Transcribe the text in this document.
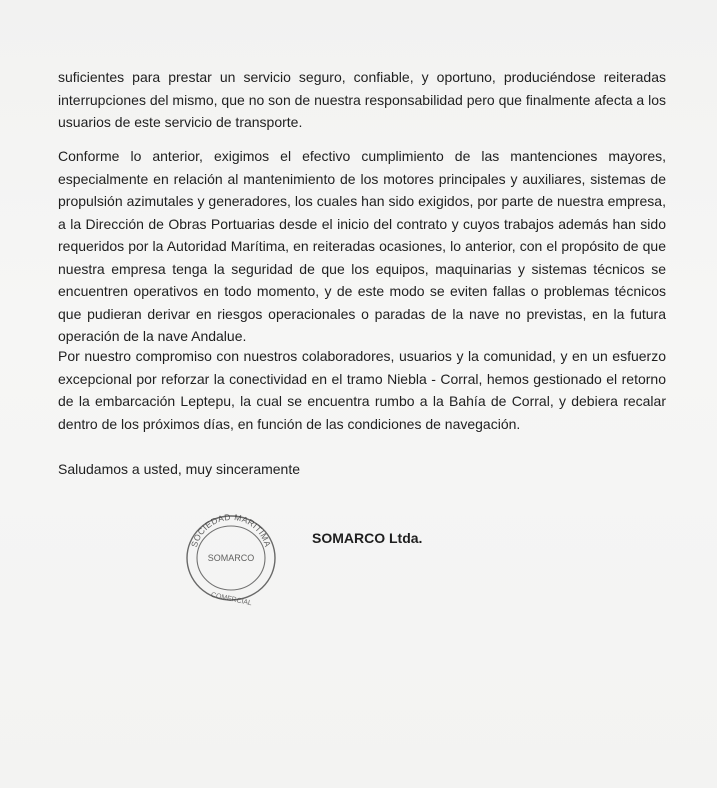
suficientes para prestar un servicio seguro, confiable, y oportuno, produciéndose reiteradas interrupciones del mismo, que no son de nuestra responsabilidad pero que finalmente afecta a los usuarios de este servicio de transporte.

Conforme lo anterior, exigimos el efectivo cumplimiento de las mantenciones mayores, especialmente en relación al mantenimiento de los motores principales y auxiliares, sistemas de propulsión azimutales y generadores, los cuales han sido exigidos, por parte de nuestra empresa, a la Dirección de Obras Portuarias desde el inicio del contrato y cuyos trabajos además han sido requeridos por la Autoridad Marítima, en reiteradas ocasiones, lo anterior, con el propósito de que nuestra empresa tenga la seguridad de que los equipos, maquinarias y sistemas técnicos se encuentren operativos en todo momento, y de este modo se eviten fallas o problemas técnicos que pudieran derivar en riesgos operacionales o paradas de la nave no previstas, en la futura operación de la nave Andalue.

Por nuestro compromiso con nuestros colaboradores, usuarios y la comunidad, y en un esfuerzo excepcional por reforzar la conectividad en el tramo Niebla - Corral, hemos gestionado el retorno de la embarcación Leptepu, la cual se encuentra rumbo a la Bahía de Corral, y debiera recalar dentro de los próximos días, en función de las condiciones de navegación.

Saludamos a usted, muy sinceramente

SOCIEDAD MARITIMA
SOMARCO
COMERCIAL

SOMARCO Ltda.
